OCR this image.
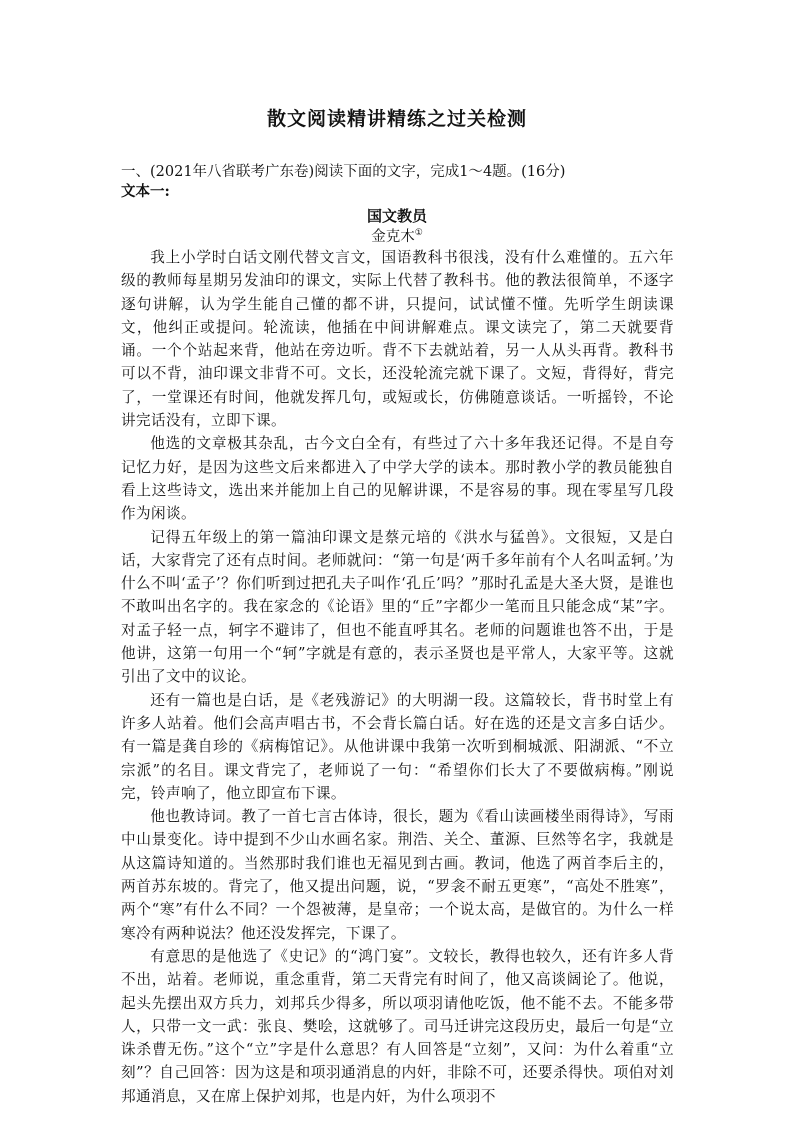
散文阅读精讲精练之过关检测

一、(2021年八省联考广东卷)阅读下面的文字，完成1～4题。(16分)

文本一:

国文教员

金克木①

我上小学时白话文刚代替文言文，国语教科书很浅，没有什么难懂的。五六年级的教师每星期另发油印的课文，实际上代替了教科书。他的教法很简单，不逐字逐句讲解，认为学生能自己懂的都不讲，只提问，试试懂不懂。先听学生朗读课文，他纠正或提问。轮流读，他插在中间讲解难点。课文读完了，第二天就要背诵。一个个站起来背，他站在旁边听。背不下去就站着，另一人从头再背。教科书可以不背，油印课文非背不可。文长，还没轮流完就下课了。文短，背得好，背完了，一堂课还有时间，他就发挥几句，或短或长，仿佛随意谈话。一听摇铃，不论讲完话没有，立即下课。

他选的文章极其杂乱，古今文白全有，有些过了六十多年我还记得。不是自夸记忆力好，是因为这些文后来都进入了中学大学的读本。那时教小学的教员能独自看上这些诗文，选出来并能加上自己的见解讲课，不是容易的事。现在零星写几段作为闲谈。

记得五年级上的第一篇油印课文是蔡元培的《洪水与猛兽》。文很短，又是白话，大家背完了还有点时间。老师就问：“第一句是‘两千多年前有个人名叫孟轲。’为什么不叫‘孟子’？你们听到过把孔夫子叫作‘孔丘’吗？”那时孔孟是大圣大贤，是谁也不敢叫出名字的。我在家念的《论语》里的“丘”字都少一笔而且只能念成“某”字。对孟子轻一点，轲字不避讳了，但也不能直呼其名。老师的问题谁也答不出，于是他讲，这第一句用一个“轲”字就是有意的，表示圣贤也是平常人，大家平等。这就引出了文中的议论。

还有一篇也是白话，是《老残游记》的大明湖一段。这篇较长，背书时堂上有许多人站着。他们会高声唱古书，不会背长篇白话。好在选的还是文言多白话少。有一篇是龚自珍的《病梅馆记》。从他讲课中我第一次听到桐城派、阳湖派、“不立宗派”的名目。课文背完了，老师说了一句：“希望你们长大了不要做病梅。”刚说完，铃声响了，他立即宣布下课。

他也教诗词。教了一首七言古体诗，很长，题为《看山读画楼坐雨得诗》，写雨中山景变化。诗中提到不少山水画名家。荆浩、关仝、董源、巨然等名字，我就是从这篇诗知道的。当然那时我们谁也无福见到古画。教词，他选了两首李后主的，两首苏东坡的。背完了，他又提出问题，说，“罗衾不耐五更寒”，“高处不胜寒”，两个“寒”有什么不同？一个怨被薄，是皇帝；一个说太高，是做官的。为什么一样寒冷有两种说法？他还没发挥完，下课了。

有意思的是他选了《史记》的“鸿门宴”。文较长，教得也较久，还有许多人背不出，站着。老师说，重念重背，第二天背完有时间了，他又高谈阔论了。他说，起头先摆出双方兵力，刘邦兵少得多，所以项羽请他吃饭，他不能不去。不能多带人，只带一文一武：张良、樊哙，这就够了。司马迁讲完这段历史，最后一句是“立诛杀曹无伤。”这个“立”字是什么意思？有人回答是“立刻”，又问：为什么着重“立刻”？自己回答：因为这是和项羽通消息的内奸，非除不可，还要杀得快。项伯对刘邦通消息，又在席上保护刘邦，也是内奸，为什么项羽不
